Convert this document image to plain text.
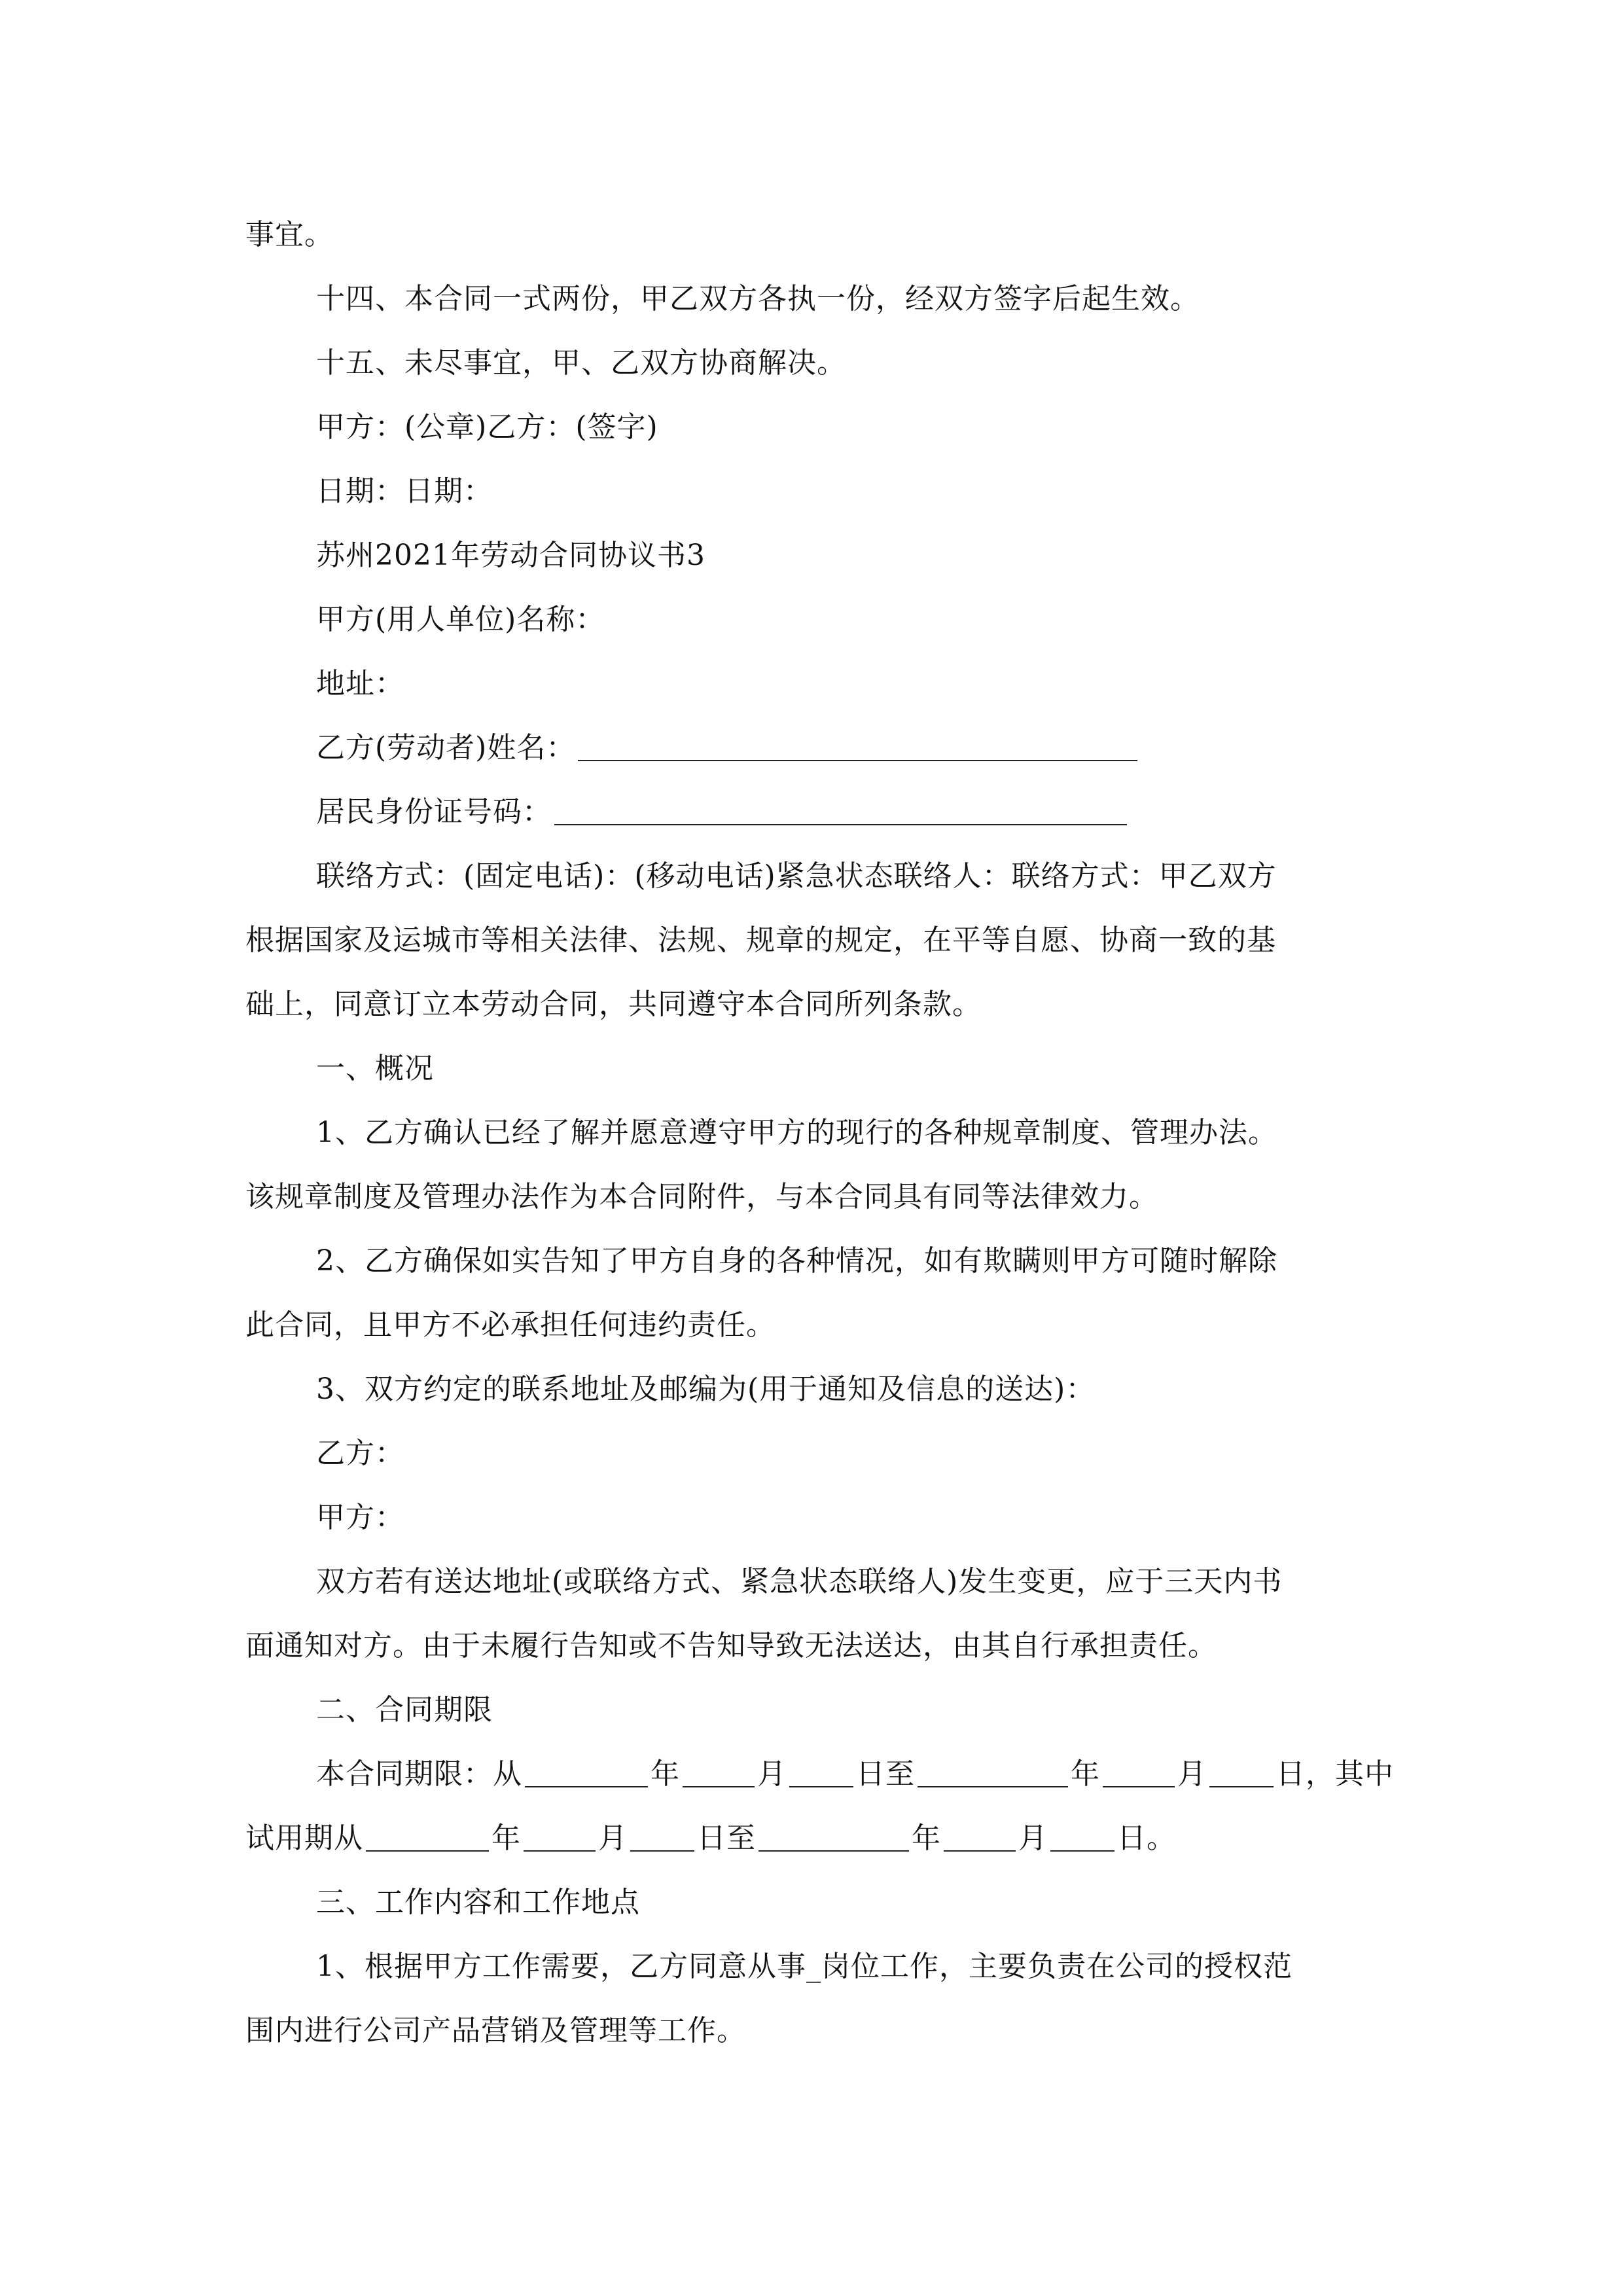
事宜。

十四、本合同一式两份，甲乙双方各执一份，经双方签字后起生效。

十五、未尽事宜，甲、乙双方协商解决。

甲方：(公章)乙方：(签字)

日期：日期：

苏州2021年劳动合同协议书3

甲方(用人单位)名称：

地址：

乙方(劳动者)姓名：

居民身份证号码：

联络方式：(固定电话)：(移动电话)紧急状态联络人：联络方式：甲乙双方
根据国家及运城市等相关法律、法规、规章的规定，在平等自愿、协商一致的基
础上，同意订立本劳动合同，共同遵守本合同所列条款。

一、概况

1、乙方确认已经了解并愿意遵守甲方的现行的各种规章制度、管理办法。
该规章制度及管理办法作为本合同附件，与本合同具有同等法律效力。

2、乙方确保如实告知了甲方自身的各种情况，如有欺瞒则甲方可随时解除
此合同，且甲方不必承担任何违约责任。

3、双方约定的联系地址及邮编为(用于通知及信息的送达)：

乙方：

甲方：

双方若有送达地址(或联络方式、紧急状态联络人)发生变更，应于三天内书
面通知对方。由于未履行告知或不告知导致无法送达，由其自行承担责任。

二、合同期限

本合同期限：从	年	月 日至	年	月 日，其中

试用期从	年	月 日至	年	月 日。

三、工作内容和工作地点

1、根据甲方工作需要，乙方同意从事_岗位工作，主要负责在公司的授权范
围内进行公司产品营销及管理等工作。
